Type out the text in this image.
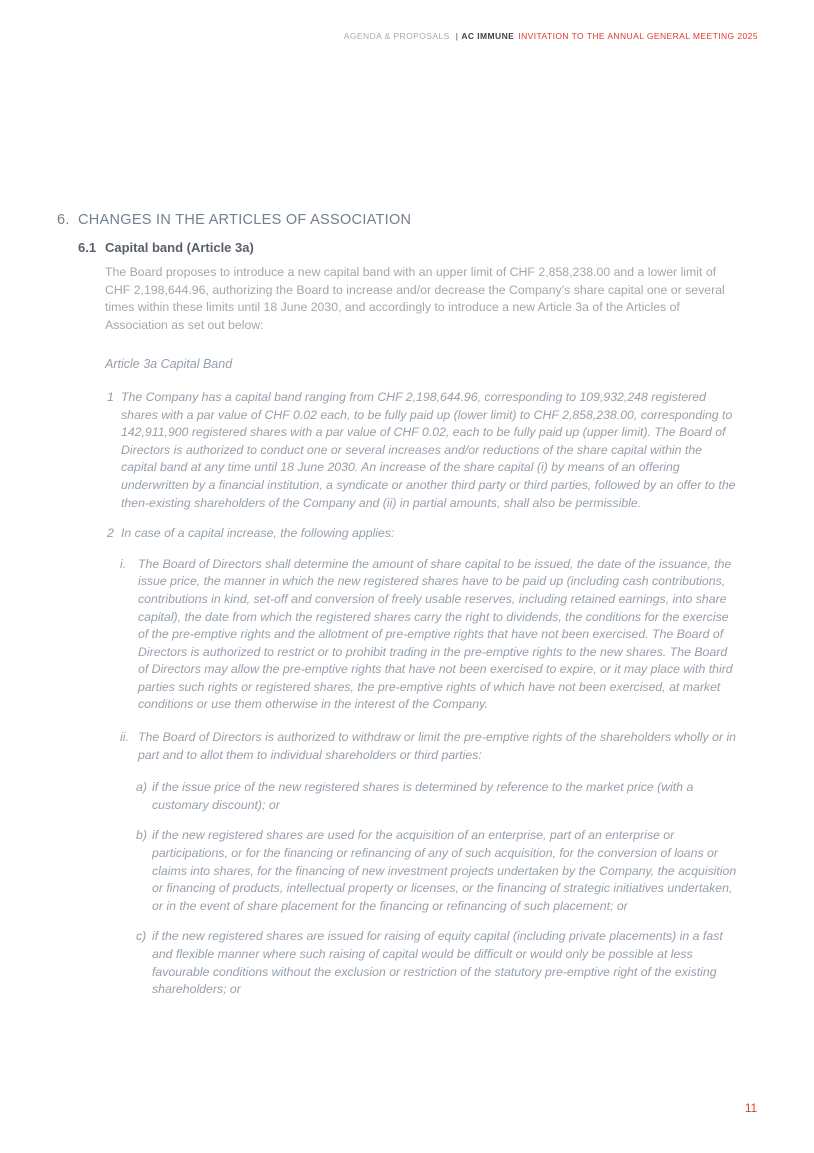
AGENDA & PROPOSALS | AC IMMUNE INVITATION TO THE ANNUAL GENERAL MEETING 2025
6. CHANGES IN THE ARTICLES OF ASSOCIATION
6.1 Capital band (Article 3a)

The Board proposes to introduce a new capital band with an upper limit of CHF 2,858,238.00 and a lower limit of CHF 2,198,644.96, authorizing the Board to increase and/or decrease the Company’s share capital one or several times within these limits until 18 June 2030, and accordingly to introduce a new Article 3a of the Articles of Association as set out below:

Article 3a Capital Band
1 The Company has a capital band ranging from CHF 2,198,644.96, corresponding to 109,932,248 registered shares with a par value of CHF 0.02 each, to be fully paid up (lower limit) to CHF 2,858,238.00, corresponding to 142,911,900 registered shares with a par value of CHF 0.02, each to be fully paid up (upper limit). The Board of Directors is authorized to conduct one or several increases and/or reductions of the share capital within the capital band at any time until 18 June 2030. An increase of the share capital (i) by means of an offering underwritten by a financial institution, a syndicate or another third party or third parties, followed by an offer to the then-existing shareholders of the Company and (ii) in partial amounts, shall also be permissible.
2 In case of a capital increase, the following applies:
i. The Board of Directors shall determine the amount of share capital to be issued, the date of the issuance, the issue price, the manner in which the new registered shares have to be paid up (including cash contributions, contributions in kind, set-off and conversion of freely usable reserves, including retained earnings, into share capital), the date from which the registered shares carry the right to dividends, the conditions for the exercise of the pre-emptive rights and the allotment of pre-emptive rights that have not been exercised. The Board of Directors is authorized to restrict or to prohibit trading in the pre-emptive rights to the new shares. The Board of Directors may allow the pre-emptive rights that have not been exercised to expire, or it may place with third parties such rights or registered shares, the pre-emptive rights of which have not been exercised, at market conditions or use them otherwise in the interest of the Company.
ii. The Board of Directors is authorized to withdraw or limit the pre-emptive rights of the shareholders wholly or in part and to allot them to individual shareholders or third parties:
a) if the issue price of the new registered shares is determined by reference to the market price (with a customary discount); or
b) if the new registered shares are used for the acquisition of an enterprise, part of an enterprise or participations, or for the financing or refinancing of any of such acquisition, for the conversion of loans or claims into shares, for the financing of new investment projects undertaken by the Company, the acquisition or financing of products, intellectual property or licenses, or the financing of strategic initiatives undertaken, or in the event of share placement for the financing or refinancing of such placement; or
c) if the new registered shares are issued for raising of equity capital (including private placements) in a fast and flexible manner where such raising of capital would be difficult or would only be possible at less favourable conditions without the exclusion or restriction of the statutory pre-emptive right of the existing shareholders; or
11
